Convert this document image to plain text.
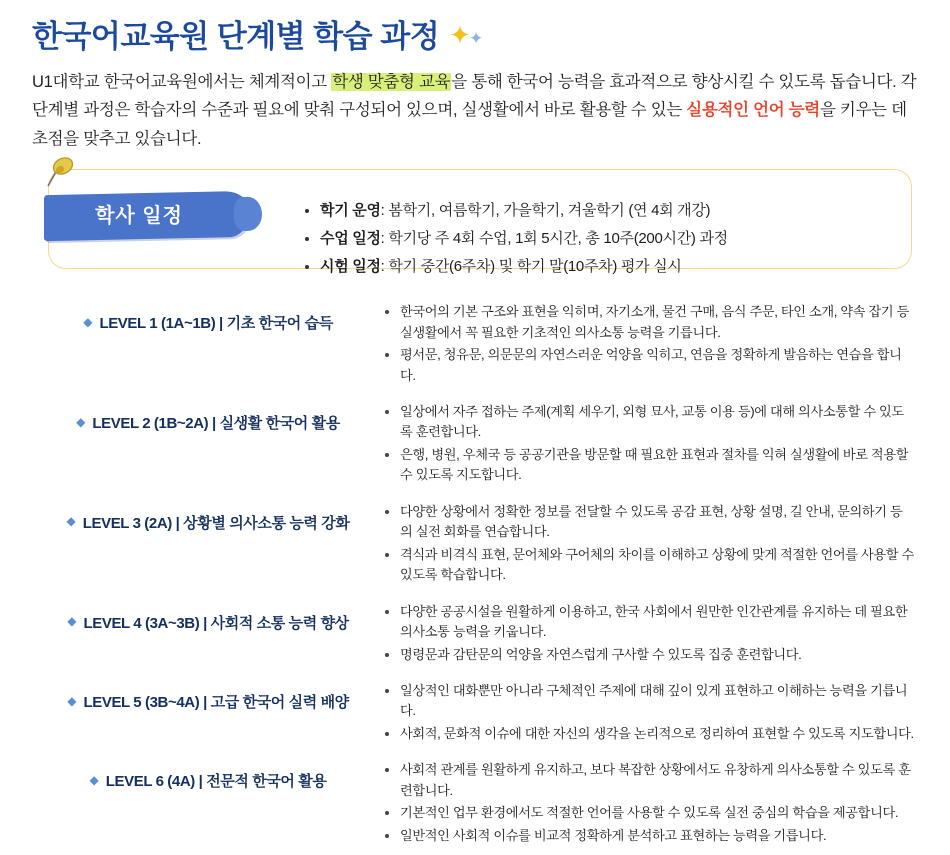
한국어교육원 단계별 학습 과정 ✦✦

U1대학교 한국어교육원에서는 체계적이고 학생 맞춤형 교육을 통해 한국어 능력을 효과적으로 향상시킬 수 있도록 돕습니다. 각 단계별 과정은 학습자의 수준과 필요에 맞춰 구성되어 있으며, 실생활에서 바로 활용할 수 있는 실용적인 언어 능력을 키우는 데 초점을 맞추고 있습니다.

학사 일정	• 학기 운영: 봄학기, 여름학기, 가을학기, 겨울학기 (연 4회 개강)
• 수업 일정: 학기당 주 4회 수업, 1회 5시간, 총 10주(200시간) 과정
• 시험 일정: 학기 중간(6주차) 및 학기 말(10주차) 평가 실시
◆ LEVEL 1 (1A~1B) | 기초 한국어 습득
• 한국어의 기본 구조와 표현을 익히며, 자기소개, 물건 구매, 음식 주문, 타인 소개, 약속 잡기 등 실생활에서 꼭 필요한 기초적인 의사소통 능력을 기릅니다.
• 평서문, 청유문, 의문문의 자연스러운 억양을 익히고, 연음을 정확하게 발음하는 연습을 합니다.
◆ LEVEL 2 (1B~2A) | 실생활 한국어 활용
• 일상에서 자주 접하는 주제(계획 세우기, 외형 묘사, 교통 이용 등)에 대해 의사소통할 수 있도록 훈련합니다.
• 은행, 병원, 우체국 등 공공기관을 방문할 때 필요한 표현과 절차를 익혀 실생활에 바로 적용할 수 있도록 지도합니다.
◆ LEVEL 3 (2A) | 상황별 의사소통 능력 강화
• 다양한 상황에서 정확한 정보를 전달할 수 있도록 공감 표현, 상황 설명, 길 안내, 문의하기 등의 실전 회화를 연습합니다.
• 격식과 비격식 표현, 문어체와 구어체의 차이를 이해하고 상황에 맞게 적절한 언어를 사용할 수 있도록 학습합니다.
◆ LEVEL 4 (3A~3B) | 사회적 소통 능력 향상
• 다양한 공공시설을 원활하게 이용하고, 한국 사회에서 원만한 인간관계를 유지하는 데 필요한 의사소통 능력을 키웁니다.
• 명령문과 감탄문의 억양을 자연스럽게 구사할 수 있도록 집중 훈련합니다.
◆ LEVEL 5 (3B~4A) | 고급 한국어 실력 배양
• 일상적인 대화뿐만 아니라 구체적인 주제에 대해 깊이 있게 표현하고 이해하는 능력을 기릅니다.
• 사회적, 문화적 이슈에 대한 자신의 생각을 논리적으로 정리하여 표현할 수 있도록 지도합니다.
◆ LEVEL 6 (4A) | 전문적 한국어 활용
• 사회적 관계를 원활하게 유지하고, 보다 복잡한 상황에서도 유창하게 의사소통할 수 있도록 훈련합니다.
• 기본적인 업무 환경에서도 적절한 언어를 사용할 수 있도록 실전 중심의 학습을 제공합니다.
• 일반적인 사회적 이슈를 비교적 정확하게 분석하고 표현하는 능력을 기릅니다.
